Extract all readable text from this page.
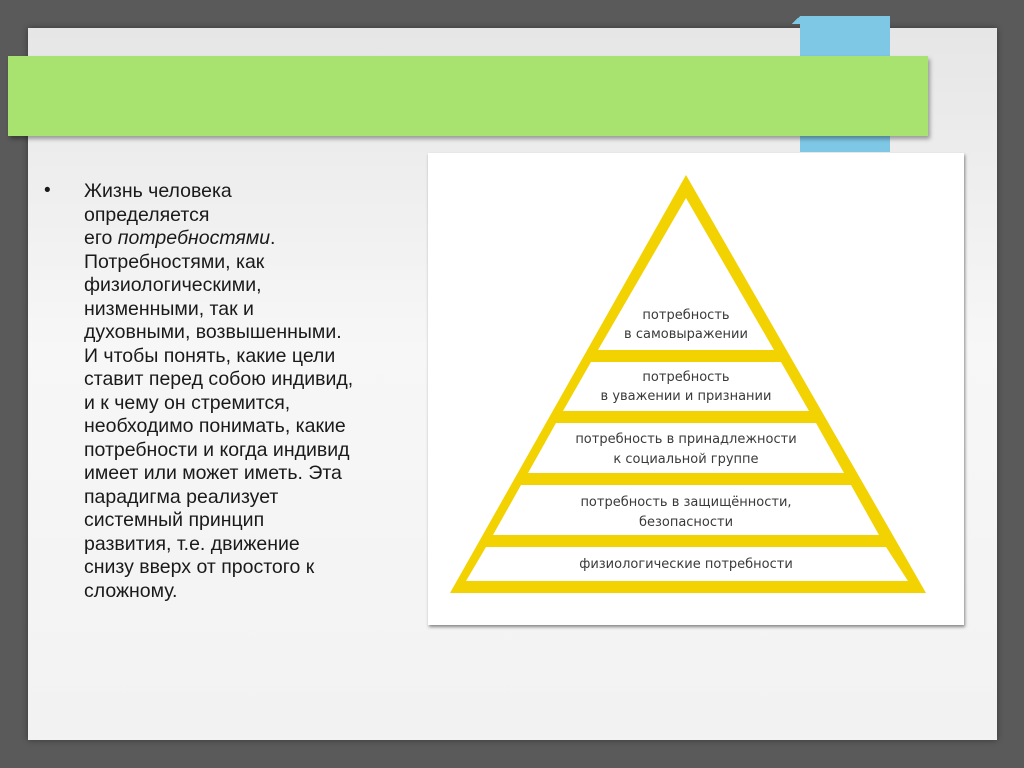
• Жизнь человека

определяется

его потребностями.

Потребностями, как

физиологическими,

низменными, так и

духовными, возвышенными.

И чтобы понять, какие цели

ставит перед собою индивид,

и к чему он стремится,

необходимо понимать, какие

потребности и когда индивид

имеет или может иметь. Эта

парадигма реализует

системный принцип

развития, т.е. движение

снизу вверх от простого к

сложному.

потребность
в самовыражении
потребность
в уважении и признании
потребность в принадлежности
к социальной группе
потребность в защищённости,
безопасности
физиологические потребности
